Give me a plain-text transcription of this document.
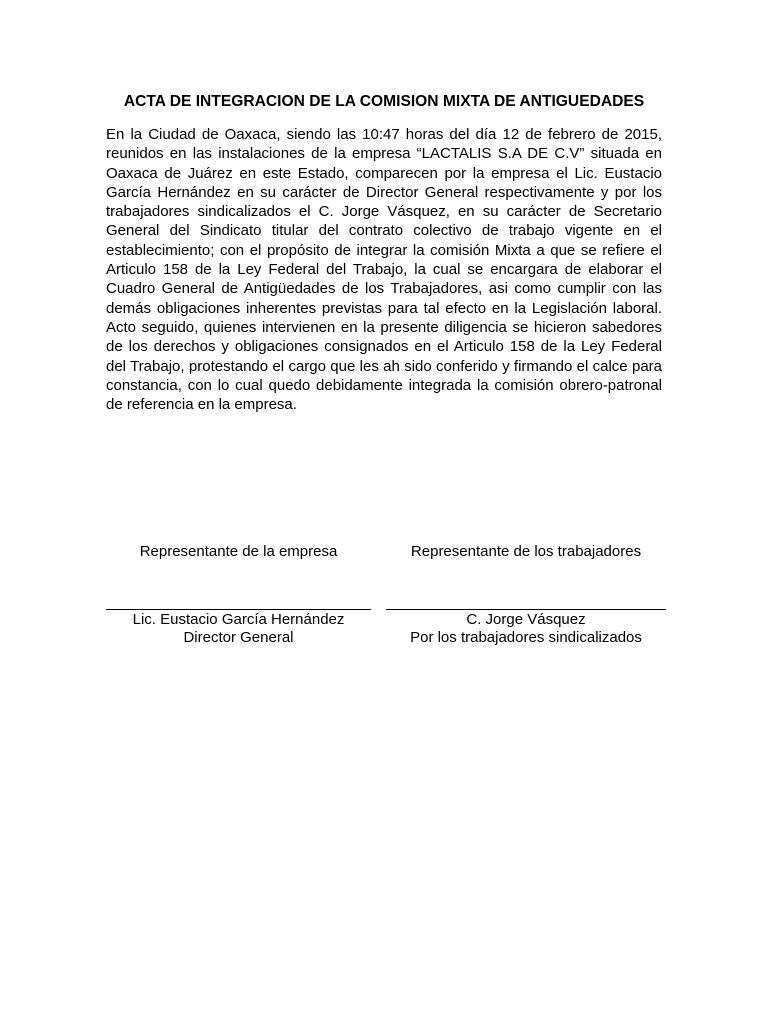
ACTA DE INTEGRACION DE LA COMISION MIXTA DE ANTIGUEDADES
En la Ciudad de Oaxaca, siendo las 10:47 horas del día 12 de febrero de 2015, reunidos en las instalaciones de la empresa “LACTALIS S.A DE C.V” situada en Oaxaca de Juárez en este Estado, comparecen por la empresa el Lic. Eustacio García Hernández en su carácter de Director General respectivamente y por los trabajadores sindicalizados el C. Jorge Vásquez, en su carácter de Secretario General del Sindicato titular del contrato colectivo de trabajo vigente en el establecimiento; con el propósito de integrar la comisión Mixta a que se refiere el Articulo 158 de la Ley Federal del Trabajo, la cual se encargara de elaborar el Cuadro General de Antigüedades de los Trabajadores, asi como cumplir con las demás obligaciones inherentes previstas para tal efecto en la Legislación laboral. Acto seguido, quienes intervienen en la presente diligencia se hicieron sabedores de los derechos y obligaciones consignados en el Articulo 158 de la Ley Federal del Trabajo, protestando el cargo que les ah sido conferido y firmando el calce para constancia, con lo cual quedo debidamente integrada la comisión obrero-patronal de referencia en la empresa.
Representante de la empresa	Representante de los trabajadores
Lic. Eustacio García Hernández
Director General
C. Jorge Vásquez
Por los trabajadores sindicalizados
